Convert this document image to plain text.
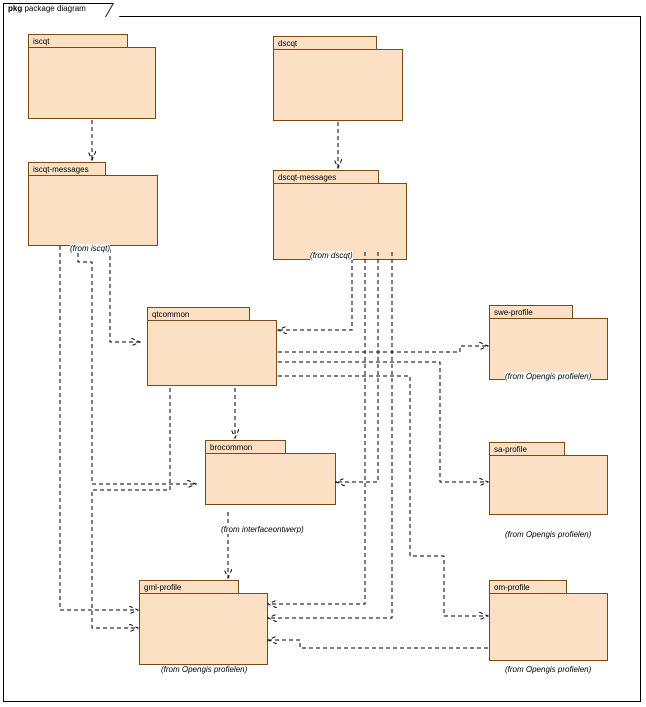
pkg package diagram
iscqt	dscqt
iscqt-messages
(from iscqt)
dscqt-messages
(from dscqt)
qtcommon	swe-profile
(from Opengis profielen)
brocommon
(from interfaceontwerp)
sa-profile
(from Opengis profielen)
gml-profile
(from Opengis profielen)
om-profile
(from Opengis profielen)
